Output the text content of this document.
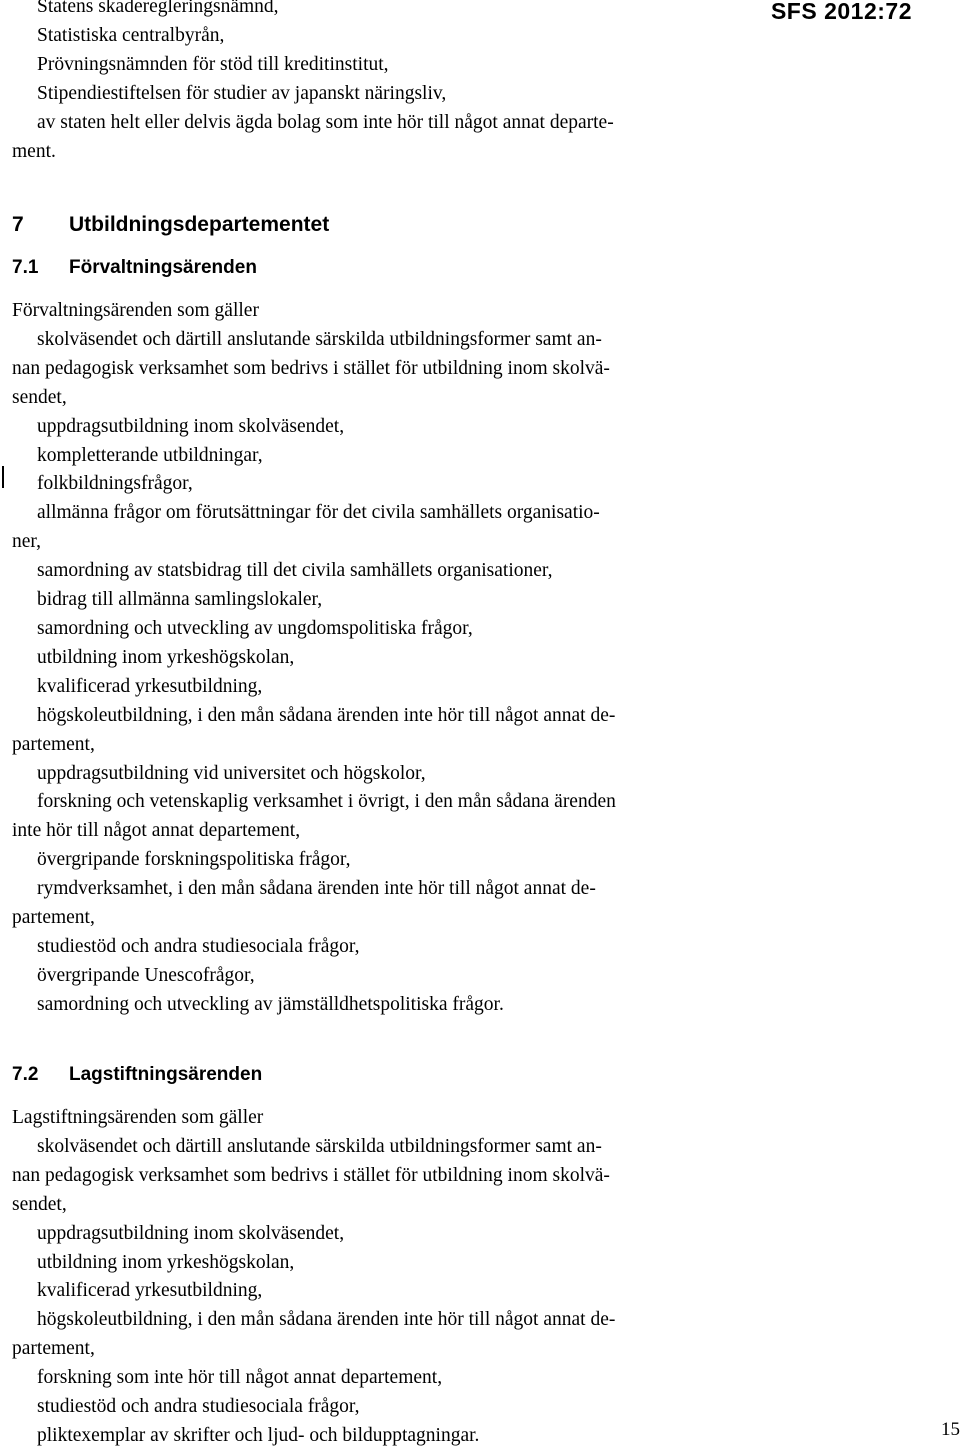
SFS 2012:72
Statens skaderegleringsnämnd,
Statistiska centralbyrån,
Prövningsnämnden för stöd till kreditinstitut,
Stipendiestiftelsen för studier av japanskt näringsliv,
av staten helt eller delvis ägda bolag som inte hör till något annat departe-
ment.
7 Utbildningsdepartementet
7.1 Förvaltningsärenden
Förvaltningsärenden som gäller
skolväsendet och därtill anslutande särskilda utbildningsformer samt an-
nan pedagogisk verksamhet som bedrivs i stället för utbildning inom skolvä-
sendet,
uppdragsutbildning inom skolväsendet,
kompletterande utbildningar,
folkbildningsfrågor,
allmänna frågor om förutsättningar för det civila samhällets organisatio-
ner,
samordning av statsbidrag till det civila samhällets organisationer,
bidrag till allmänna samlingslokaler,
samordning och utveckling av ungdomspolitiska frågor,
utbildning inom yrkeshögskolan,
kvalificerad yrkesutbildning,
högskoleutbildning, i den mån sådana ärenden inte hör till något annat de-
partement,
uppdragsutbildning vid universitet och högskolor,
forskning och vetenskaplig verksamhet i övrigt, i den mån sådana ärenden
inte hör till något annat departement,
övergripande forskningspolitiska frågor,
rymdverksamhet, i den mån sådana ärenden inte hör till något annat de-
partement,
studiestöd och andra studiesociala frågor,
övergripande Unescofrågor,
samordning och utveckling av jämställdhetspolitiska frågor.
7.2 Lagstiftningsärenden
Lagstiftningsärenden som gäller
skolväsendet och därtill anslutande särskilda utbildningsformer samt an-
nan pedagogisk verksamhet som bedrivs i stället för utbildning inom skolvä-
sendet,
uppdragsutbildning inom skolväsendet,
utbildning inom yrkeshögskolan,
kvalificerad yrkesutbildning,
högskoleutbildning, i den mån sådana ärenden inte hör till något annat de-
partement,
forskning som inte hör till något annat departement,
studiestöd och andra studiesociala frågor,
pliktexemplar av skrifter och ljud- och bildupptagningar.	15
